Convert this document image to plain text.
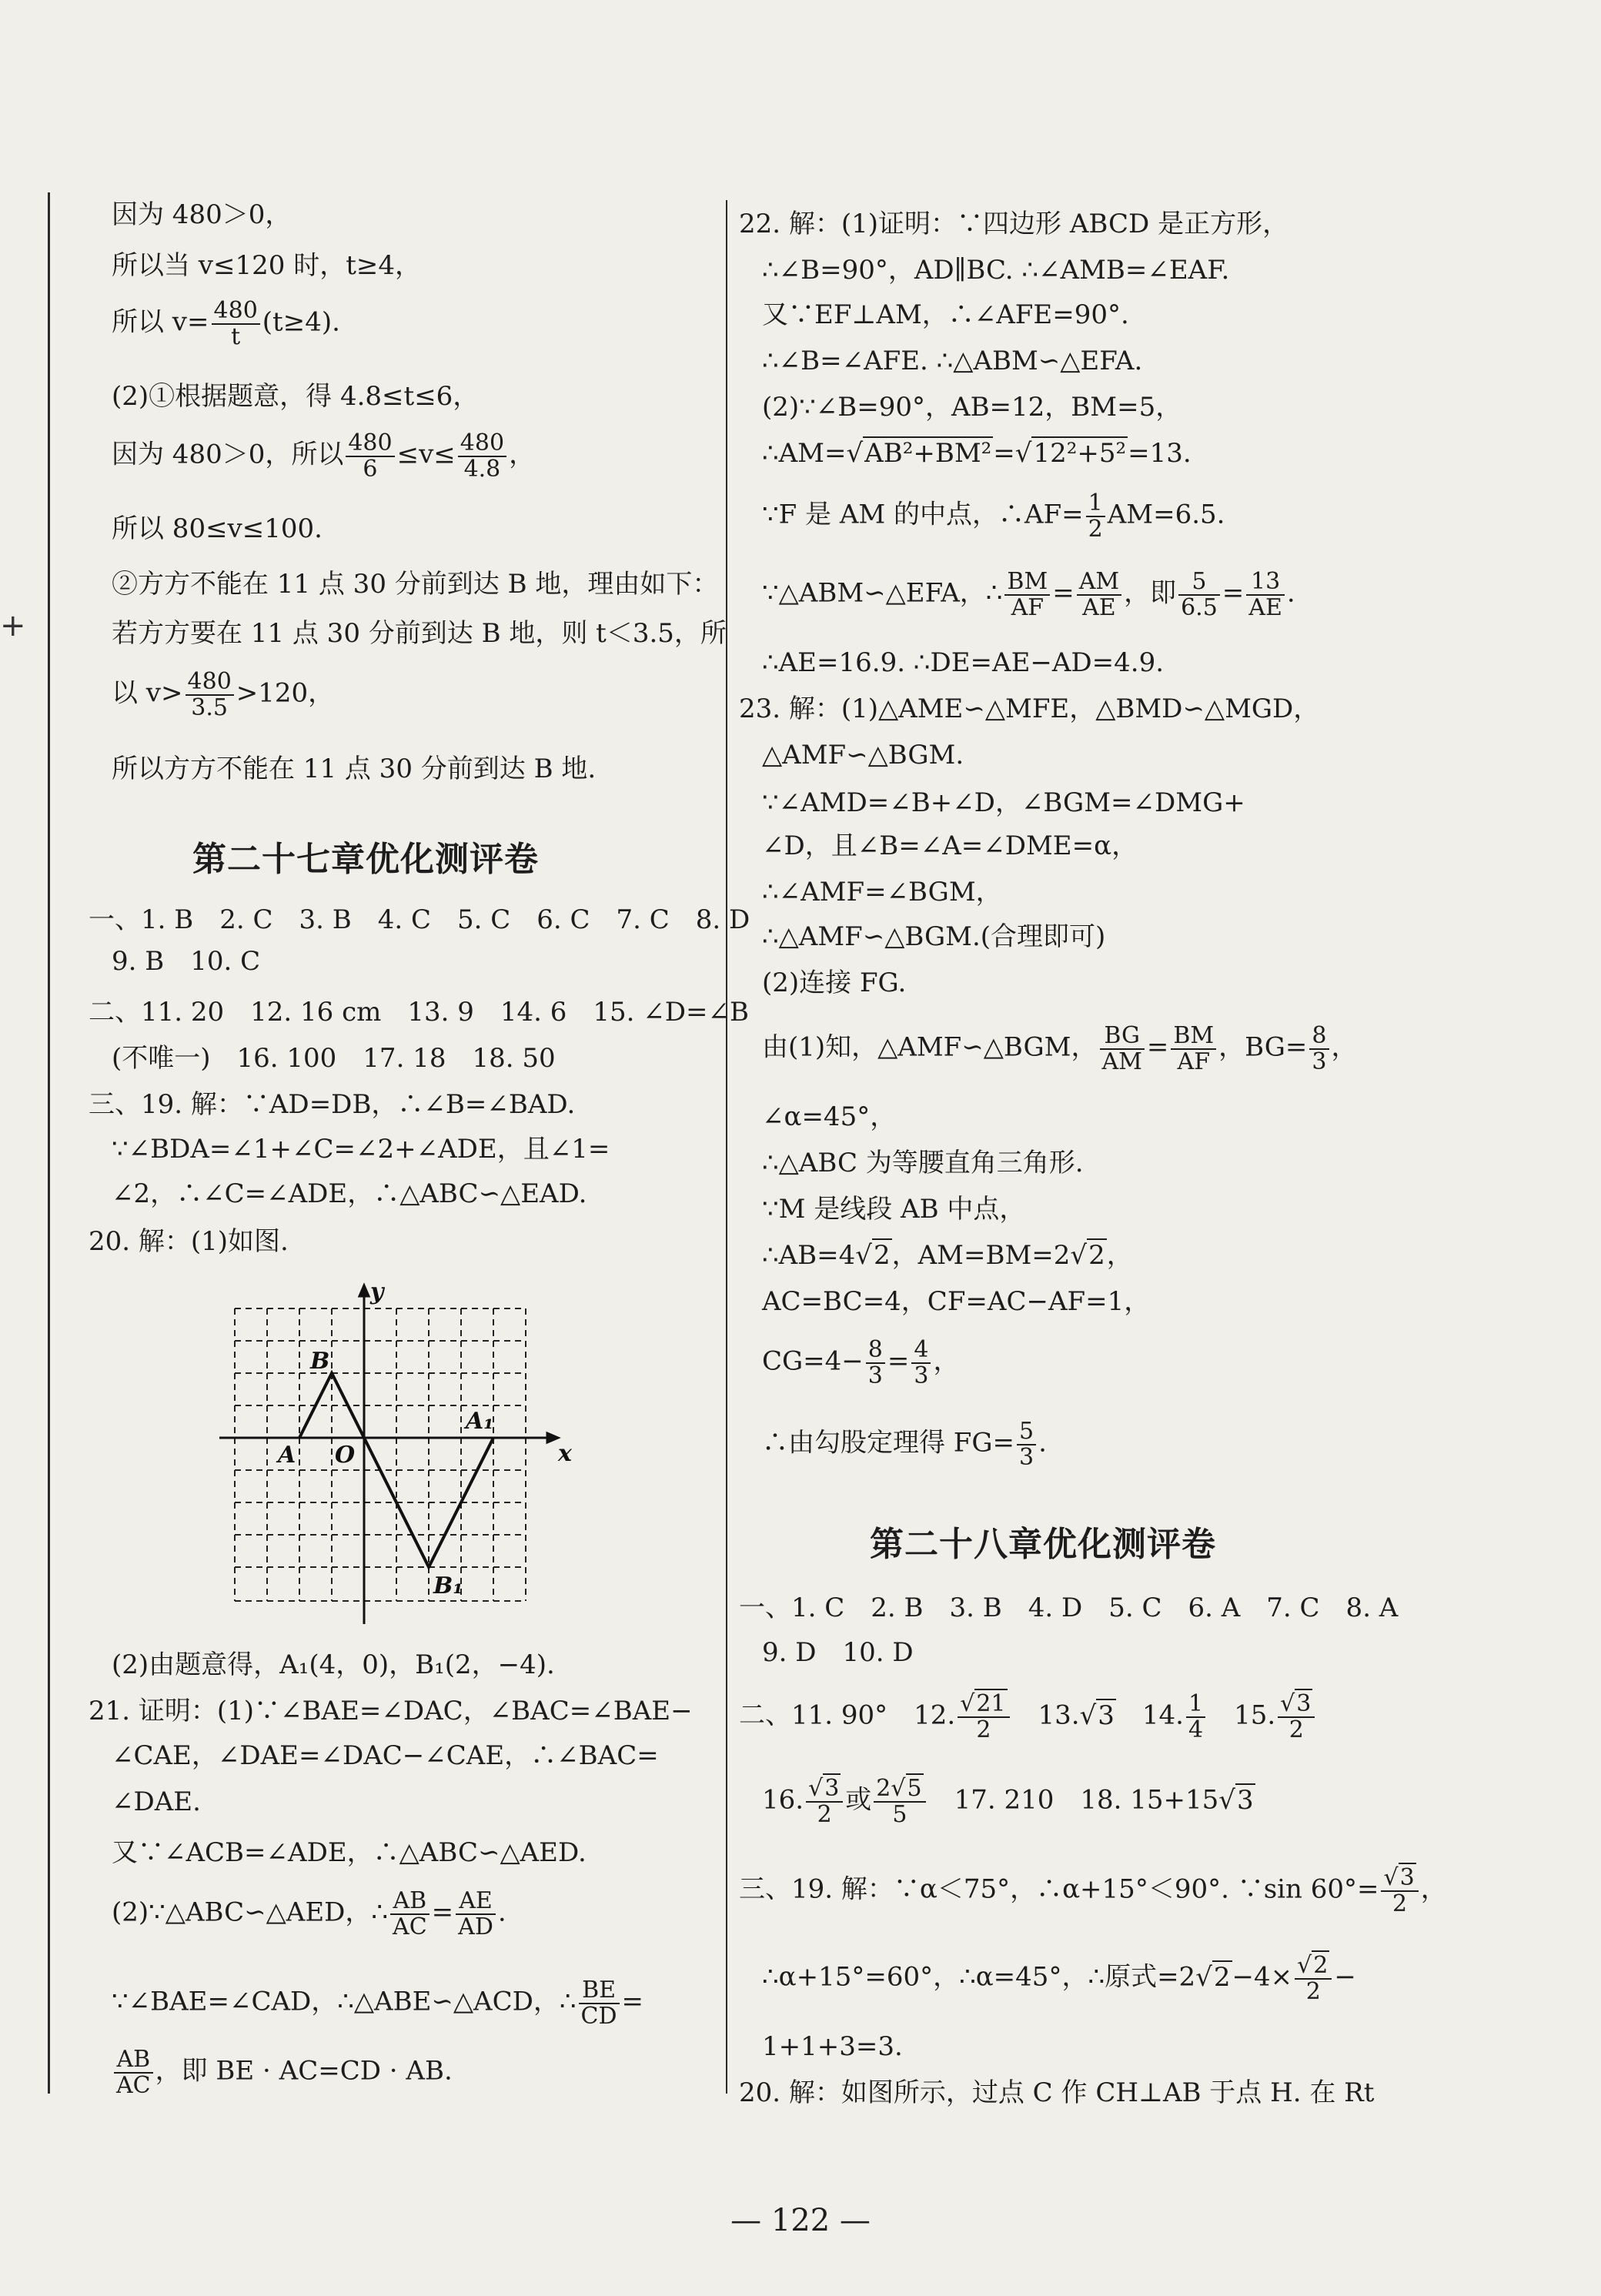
+
因为 480＞0，
所以当 v≤120 时，t≥4，
所以 $v= \frac{480}{t} (t\ge 4)$.
(2)①根据题意，得 4.8≤t≤6，
因为 480＞0，所以 $\frac{480}{6} \le v\le \frac{480}{4.8}$ ，
所以 80≤v≤100.
②方方不能在 11 点 30 分前到达 B 地，理由如下：
若方方要在 11 点 30 分前到达 B 地，则 t＜3.5，所
以 $v> \frac{480}{3.5} >120$，
所以方方不能在 11 点 30 分前到达 B 地.
第二十七章优化测评卷
一、1. B　2. C　3. B　4. C　5. C　6. C　7. C　8. D
9. B　10. C
二、11. 20　12. 16 cm　13. 9　14. 6　15. ∠D=∠B
(不唯一)　16. 100　17. 18　18. 50
三、19. 解：∵AD=DB，∴∠B=∠BAD.
∵∠BDA=∠1+∠C=∠2+∠ADE，且∠1=
∠2，∴∠C=∠ADE，∴△ABC∽△EAD.
20. 解：(1)如图.
(2)由题意得，A₁(4，0)，B₁(2，−4).
21. 证明：(1)∵∠BAE=∠DAC，∠BAC=∠BAE−
∠CAE，∠DAE=∠DAC−∠CAE，∴∠BAC=
∠DAE.
又∵∠ACB=∠ADE，∴△ABC∽△AED.
(2)∵△ABC∽△AED，∴ $\frac{AB}{AC} = \frac{AE}{AD}$ .
∵∠BAE=∠CAD，∴△ABE∽△ACD，∴ $\frac{BE}{CD}$ =
$\frac{AB}{AC}$ ，即 BE · AC=CD · AB.
y
x
A O
B
A₁
B₁
22. 解：(1)证明：∵四边形 ABCD 是正方形，
∴∠B=90°，AD∥BC. ∴∠AMB=∠EAF.
又∵EF⊥AM，∴∠AFE=90°.
∴∠B=∠AFE. ∴△ABM∽△EFA.
(2)∵∠B=90°，AB=12，BM=5，
∴AM=√AB²+BM²=√12²+5²=13.
∵F 是 AM 的中点，∴AF= $\frac{1}{2} AM=6.5$.
∵△ABM∽△EFA，∴ $\frac{BM}{AF} = \frac{AM}{AE}$ ，即 $\frac{5}{6.5} = \frac{13}{AE}$ .
∴AE=16.9. ∴DE=AE−AD=4.9.
23. 解：(1)△AME∽△MFE，△BMD∽△MGD，
△AMF∽△BGM.
∵∠AMD=∠B+∠D，∠BGM=∠DMG+
∠D，且∠B=∠A=∠DME=α，
∴∠AMF=∠BGM，
∴△AMF∽△BGM.(合理即可)
(2)连接 FG.
由(1)知，△AMF∽△BGM， $\frac{BG}{AM} = \frac{BM}{AF}$ ，$BG= \frac{8}{3}$ ，
∠α=45°，
∴△ABC 为等腰直角三角形.
∵M 是线段 AB 中点，
∴AB=4√2，AM=BM=2√2，
AC=BC=4，CF=AC−AF=1，
$CG=4- \frac{8}{3} = \frac{4}{3}$ ，
∴由勾股定理得 $FG= \frac{5}{3}$ .
第二十八章优化测评卷
一、1. C　2. B　3. B　4. D　5. C　6. A　7. C　8. A
9. D　10. D
二、11. 90°　12. $\frac{√21}{2}$ 　13.√3　14. $\frac{1}{4}$ 　15. $\frac{√3}{2}$
16. $\frac{√3}{2}$ 或 $\frac{2√5}{5}$ 　17. 210　18. 15+15√3
三、19. 解：∵α＜75°，∴α+15°＜90°. ∵sin $60^\circ= \frac{√3}{2}$ ，
∴α+15°=60°，∴α=45°，∴原式$=2√2-4\times \frac{√2}{2}$ −
1+1+3=3.
20. 解：如图所示，过点 C 作 CH⊥AB 于点 H. 在 Rt
— 122 —
